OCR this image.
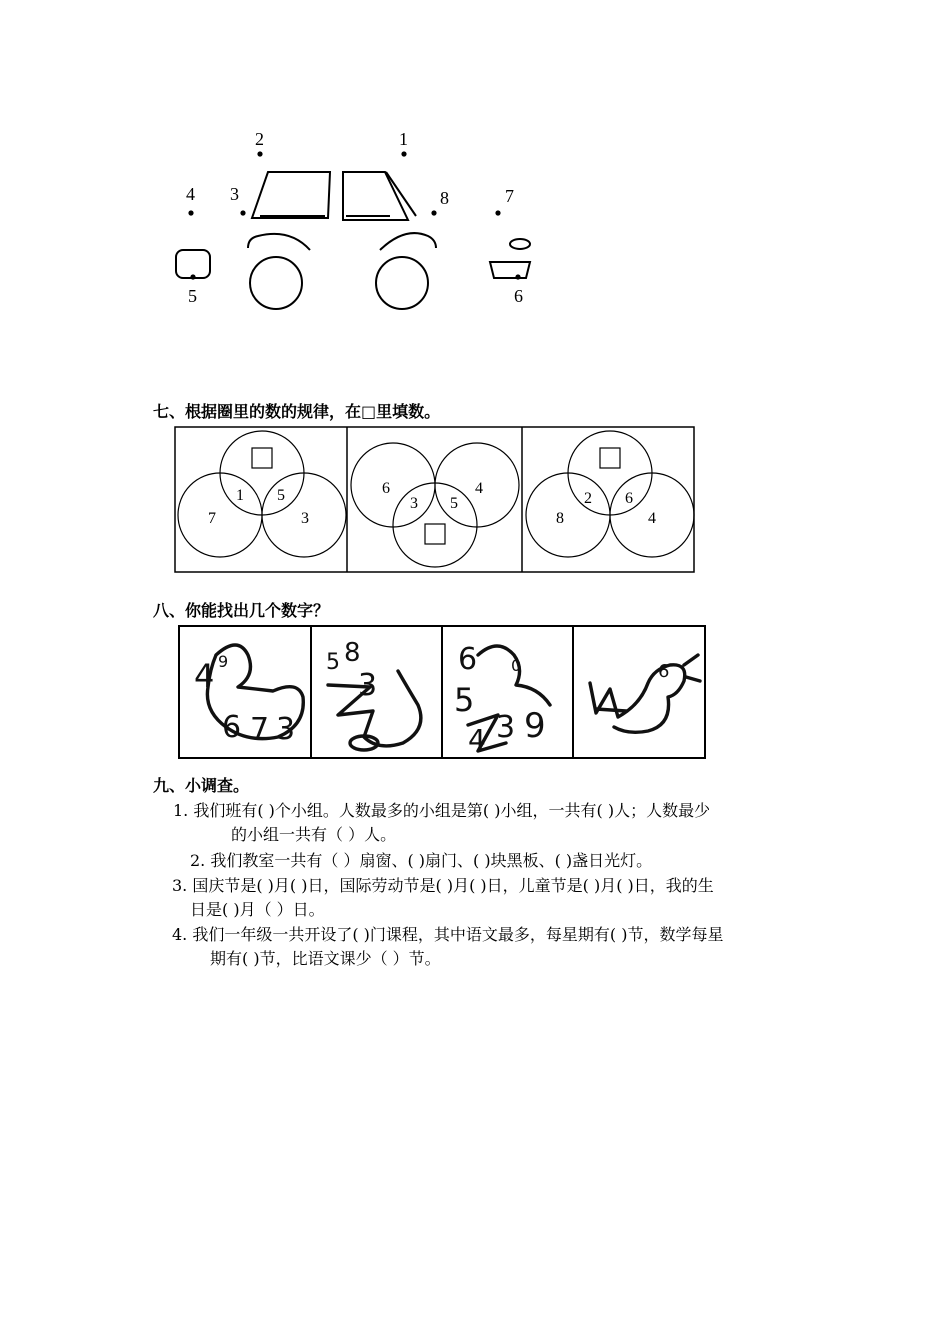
1
2
3
4
5	6
7
8
七、根据圈里的数的规律，在□里填数。
7	3
1 5	6	4
3 5
8	4
2 6
八、你能找出几个数字？
4 9
6 7 3
5 8
3
6
5
3 9
4
0	6
九、小调查。
1. 我们班有( )个小组。人数最多的小组是第( )小组，一共有( )人；人数最少
的小组一共有（ ）人。
2. 我们教室一共有（ ）扇窗、( )扇门、( )块黑板、( )盏日光灯。
3. 国庆节是( )月( )日，国际劳动节是( )月( )日，儿童节是( )月( )日，我的生
日是( )月（ ）日。
4. 我们一年级一共开设了( )门课程，其中语文最多，每星期有( )节，数学每星
期有( )节，比语文课少（ ）节。
